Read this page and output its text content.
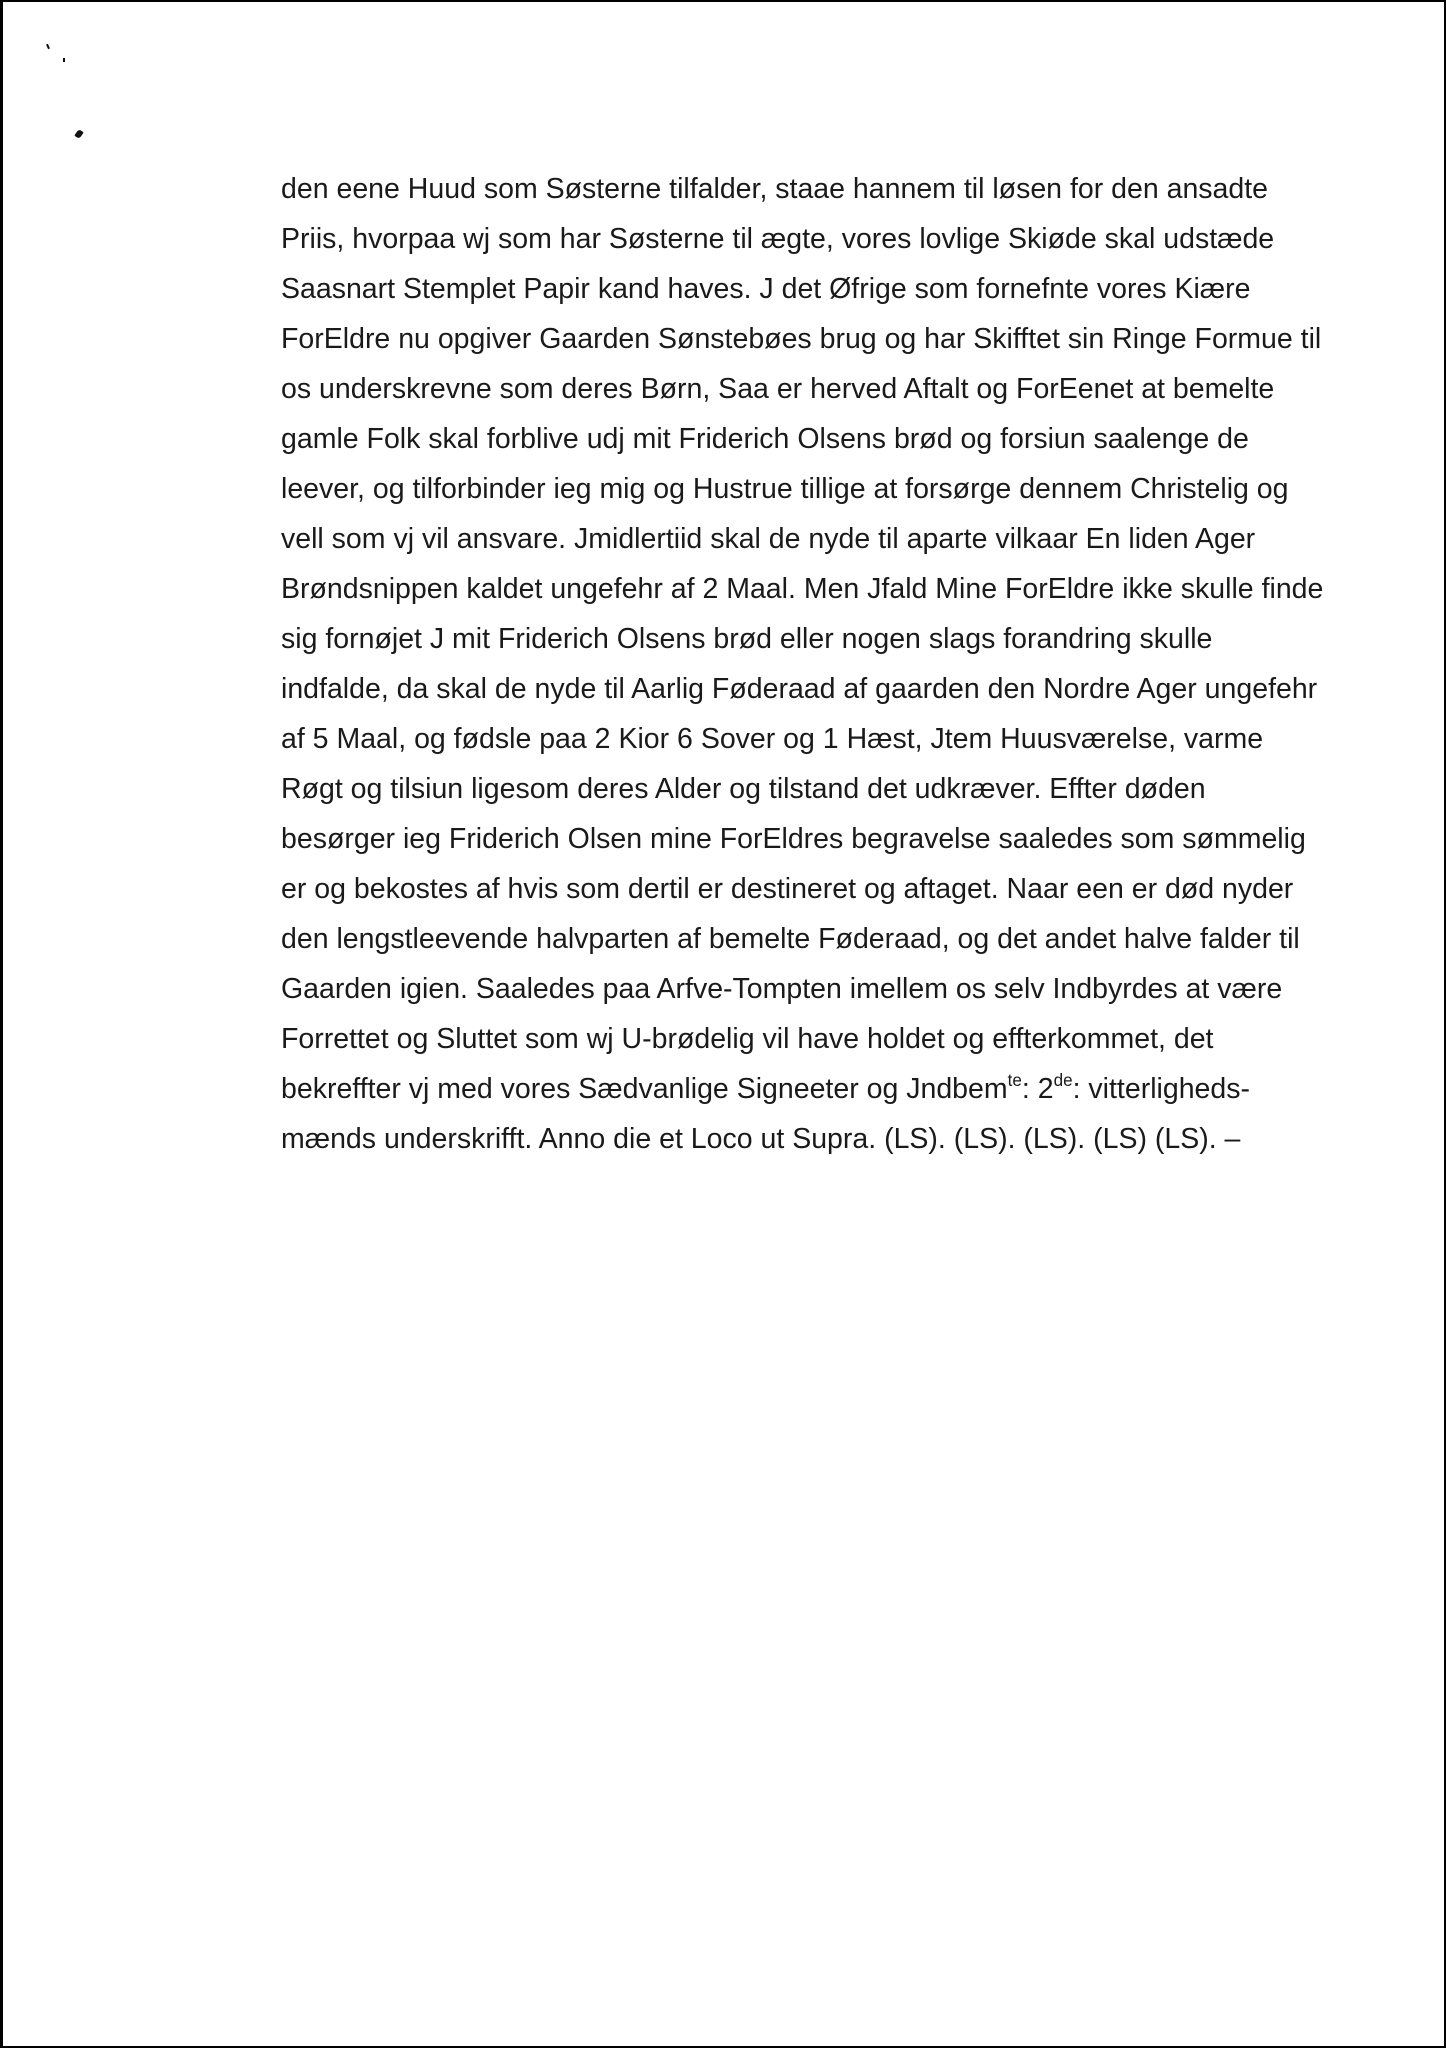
den eene Huud som Søsterne tilfalder, staae hannem til løsen for den ansadte
Priis, hvorpaa wj som har Søsterne til ægte, vores lovlige Skiøde skal udstæde
Saasnart Stemplet Papir kand haves. J det Øfrige som fornefnte vores Kiære
ForEldre nu opgiver Gaarden Sønstebøes brug og har Skifftet sin Ringe Formue til
os underskrevne som deres Børn, Saa er herved Aftalt og ForEenet at bemelte
gamle Folk skal forblive udj mit Friderich Olsens brød og forsiun saalenge de
leever, og tilforbinder ieg mig og Hustrue tillige at forsørge dennem Christelig og
vell som vj vil ansvare. Jmidlertiid skal de nyde til aparte vilkaar En liden Ager
Brøndsnippen kaldet ungefehr af 2 Maal. Men Jfald Mine ForEldre ikke skulle finde
sig fornøjet J mit Friderich Olsens brød eller nogen slags forandring skulle
indfalde, da skal de nyde til Aarlig Føderaad af gaarden den Nordre Ager ungefehr
af 5 Maal, og fødsle paa 2 Kior 6 Sover og 1 Hæst, Jtem Huusværelse, varme
Røgt og tilsiun ligesom deres Alder og tilstand det udkræver. Effter døden
besørger ieg Friderich Olsen mine ForEldres begravelse saaledes som sømmelig
er og bekostes af hvis som dertil er destineret og aftaget. Naar een er død nyder
den lengstleevende halvparten af bemelte Føderaad, og det andet halve falder til
Gaarden igien. Saaledes paa Arfve-Tompten imellem os selv Indbyrdes at være
Forrettet og Sluttet som wj U-brødelig vil have holdet og effterkommet, det
bekreffter vj med vores Sædvanlige Signeeter og Jndbem$^{te}$: 2de: vitterligheds-
mænds underskrifft. Anno die et Loco ut Supra. (LS). (LS). (LS). (LS) (LS). –
